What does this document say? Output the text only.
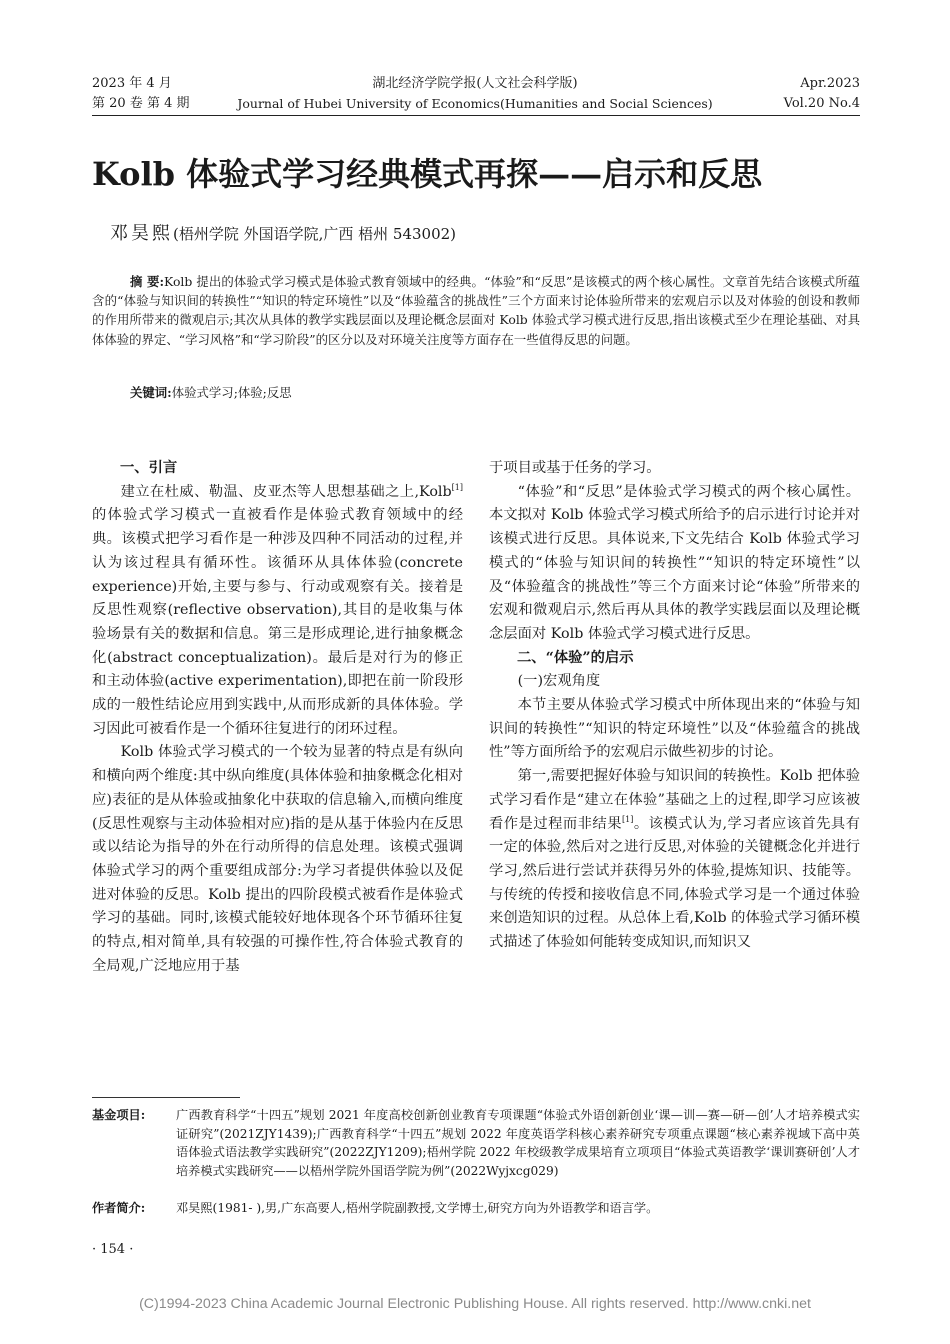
2023 年 4 月
第 20 卷 第 4 期
湖北经济学院学报(人文社会科学版)
Journal of Hubei University of Economics(Humanities and Social Sciences)
Apr.2023
Vol.20 No.4
Kolb 体验式学习经典模式再探——启示和反思
邓昊熙(梧州学院 外国语学院,广西 梧州 543002)
摘 要:Kolb 提出的体验式学习模式是体验式教育领域中的经典。“体验”和“反思”是该模式的两个核心属性。文章首先结合该模式所蕴含的“体验与知识间的转换性”“知识的特定环境性”以及“体验蕴含的挑战性”三个方面来讨论体验所带来的宏观启示以及对体验的创设和教师的作用所带来的微观启示;其次从具体的教学实践层面以及理论概念层面对 Kolb 体验式学习模式进行反思,指出该模式至少在理论基础、对具体体验的界定、“学习风格”和“学习阶段”的区分以及对环境关注度等方面存在一些值得反思的问题。
关键词:体验式学习;体验;反思
一、引言

建立在杜威、勒温、皮亚杰等人思想基础之上,Kolb[1]的体验式学习模式一直被看作是体验式教育领域中的经典。该模式把学习看作是一种涉及四种不同活动的过程,并认为该过程具有循环性。该循环从具体体验(concrete experience)开始,主要与参与、行动或观察有关。接着是反思性观察(reflective observation),其目的是收集与体验场景有关的数据和信息。第三是形成理论,进行抽象概念化(abstract conceptualization)。最后是对行为的修正和主动体验(active experimentation),即把在前一阶段形成的一般性结论应用到实践中,从而形成新的具体体验。学习因此可被看作是一个循环往复进行的闭环过程。

Kolb 体验式学习模式的一个较为显著的特点是有纵向和横向两个维度:其中纵向维度(具体体验和抽象概念化相对应)表征的是从体验或抽象化中获取的信息输入,而横向维度(反思性观察与主动体验相对应)指的是从基于体验内在反思或以结论为指导的外在行动所得的信息处理。该模式强调体验式学习的两个重要组成部分:为学习者提供体验以及促进对体验的反思。Kolb 提出的四阶段模式被看作是体验式学习的基础。同时,该模式能较好地体现各个环节循环往复的特点,相对简单,具有较强的可操作性,符合体验式教育的全局观,广泛地应用于基

于项目或基于任务的学习。

“体验”和“反思”是体验式学习模式的两个核心属性。本文拟对 Kolb 体验式学习模式所给予的启示进行讨论并对该模式进行反思。具体说来,下文先结合 Kolb 体验式学习模式的“体验与知识间的转换性”“知识的特定环境性”以及“体验蕴含的挑战性”等三个方面来讨论“体验”所带来的宏观和微观启示,然后再从具体的教学实践层面以及理论概念层面对 Kolb 体验式学习模式进行反思。

二、“体验”的启示
(一)宏观角度

本节主要从体验式学习模式中所体现出来的“体验与知识间的转换性”“知识的特定环境性”以及“体验蕴含的挑战性”等方面所给予的宏观启示做些初步的讨论。

第一,需要把握好体验与知识间的转换性。Kolb 把体验式学习看作是“建立在体验”基础之上的过程,即学习应该被看作是过程而非结果[1]。该模式认为,学习者应该首先具有一定的体验,然后对之进行反思,对体验的关键概念化并进行学习,然后进行尝试并获得另外的体验,提炼知识、技能等。与传统的传授和接收信息不同,体验式学习是一个通过体验来创造知识的过程。从总体上看,Kolb 的体验式学习循环模式描述了体验如何能转变成知识,而知识又

基金项目:	广西教育科学“十四五”规划 2021 年度高校创新创业教育专项课题“体验式外语创新创业‘课—训—赛—研—创’人才培养模式实证研究”(2021ZJY1439);广西教育科学“十四五”规划 2022 年度英语学科核心素养研究专项重点课题“核心素养视域下高中英语体验式语法教学实践研究”(2022ZJY1209);梧州学院 2022 年校级教学成果培育立项项目“体验式英语教学‘课训赛研创’人才培养模式实践研究——以梧州学院外国语学院为例”(2022Wyjxcg029)
作者简介:	邓昊熙(1981- ),男,广东高要人,梧州学院副教授,文学博士,研究方向为外语教学和语言学。
· 154 ·
(C)1994-2023 China Academic Journal Electronic Publishing House. All rights reserved. http://www.cnki.net
